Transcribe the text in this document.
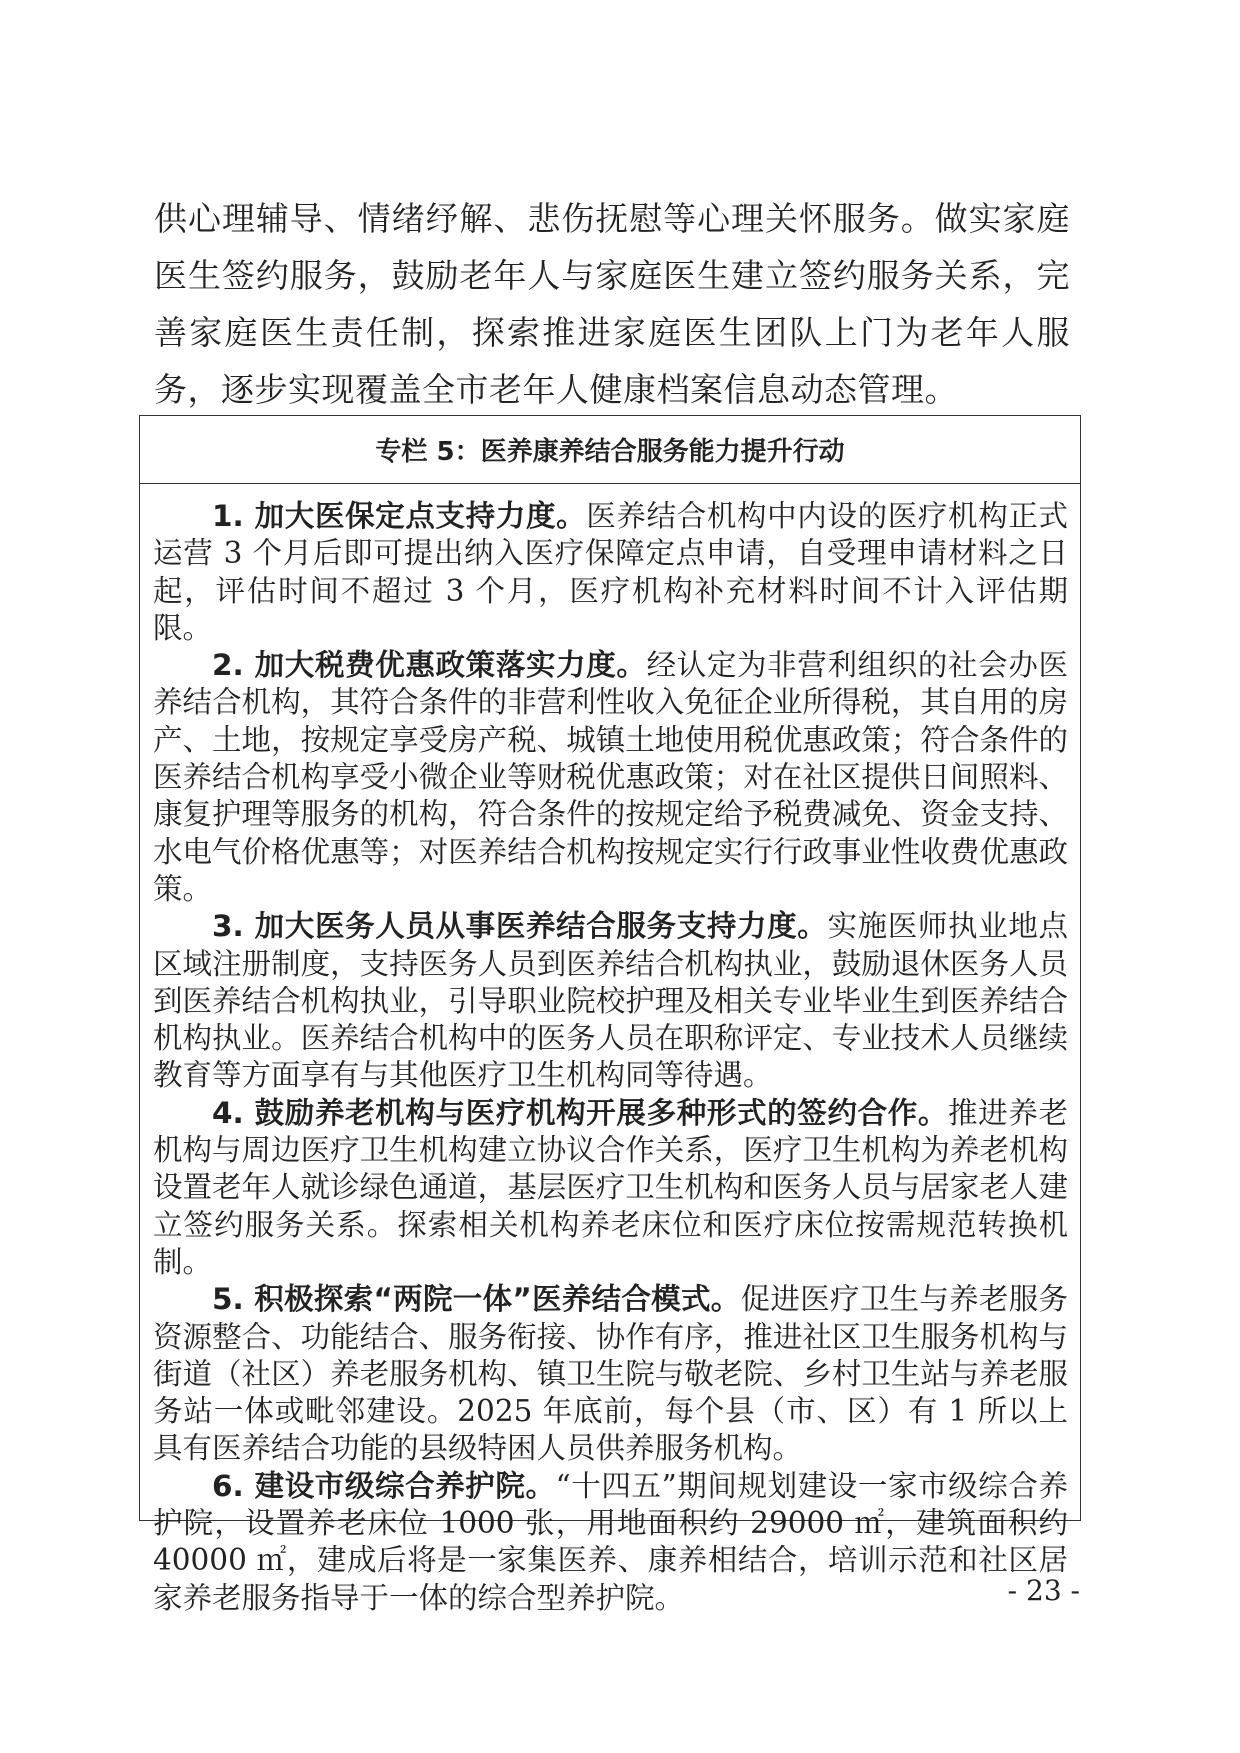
供心理辅导、情绪纾解、悲伤抚慰等心理关怀服务。做实家庭医生签约服务，鼓励老年人与家庭医生建立签约服务关系，完善家庭医生责任制，探索推进家庭医生团队上门为老年人服务，逐步实现覆盖全市老年人健康档案信息动态管理。
专栏 5：医养康养结合服务能力提升行动

1. 加大医保定点支持力度。医养结合机构中内设的医疗机构正式运营 3 个月后即可提出纳入医疗保障定点申请，自受理申请材料之日起，评估时间不超过 3 个月，医疗机构补充材料时间不计入评估期限。

2. 加大税费优惠政策落实力度。经认定为非营利组织的社会办医养结合机构，其符合条件的非营利性收入免征企业所得税，其自用的房产、土地，按规定享受房产税、城镇土地使用税优惠政策；符合条件的医养结合机构享受小微企业等财税优惠政策；对在社区提供日间照料、康复护理等服务的机构，符合条件的按规定给予税费减免、资金支持、水电气价格优惠等；对医养结合机构按规定实行行政事业性收费优惠政策。

3. 加大医务人员从事医养结合服务支持力度。实施医师执业地点区域注册制度，支持医务人员到医养结合机构执业，鼓励退休医务人员到医养结合机构执业，引导职业院校护理及相关专业毕业生到医养结合机构执业。医养结合机构中的医务人员在职称评定、专业技术人员继续教育等方面享有与其他医疗卫生机构同等待遇。

4. 鼓励养老机构与医疗机构开展多种形式的签约合作。推进养老机构与周边医疗卫生机构建立协议合作关系，医疗卫生机构为养老机构设置老年人就诊绿色通道，基层医疗卫生机构和医务人员与居家老人建立签约服务关系。探索相关机构养老床位和医疗床位按需规范转换机制。

5. 积极探索“两院一体”医养结合模式。促进医疗卫生与养老服务资源整合、功能结合、服务衔接、协作有序，推进社区卫生服务机构与街道（社区）养老服务机构、镇卫生院与敬老院、乡村卫生站与养老服务站一体或毗邻建设。2025 年底前，每个县（市、区）有 1 所以上具有医养结合功能的县级特困人员供养服务机构。

6. 建设市级综合养护院。“十四五”期间规划建设一家市级综合养护院，设置养老床位 1000 张，用地面积约 29000 ㎡，建筑面积约 40000 ㎡，建成后将是一家集医养、康养相结合，培训示范和社区居家养老服务指导于一体的综合型养护院。	- 23 -
